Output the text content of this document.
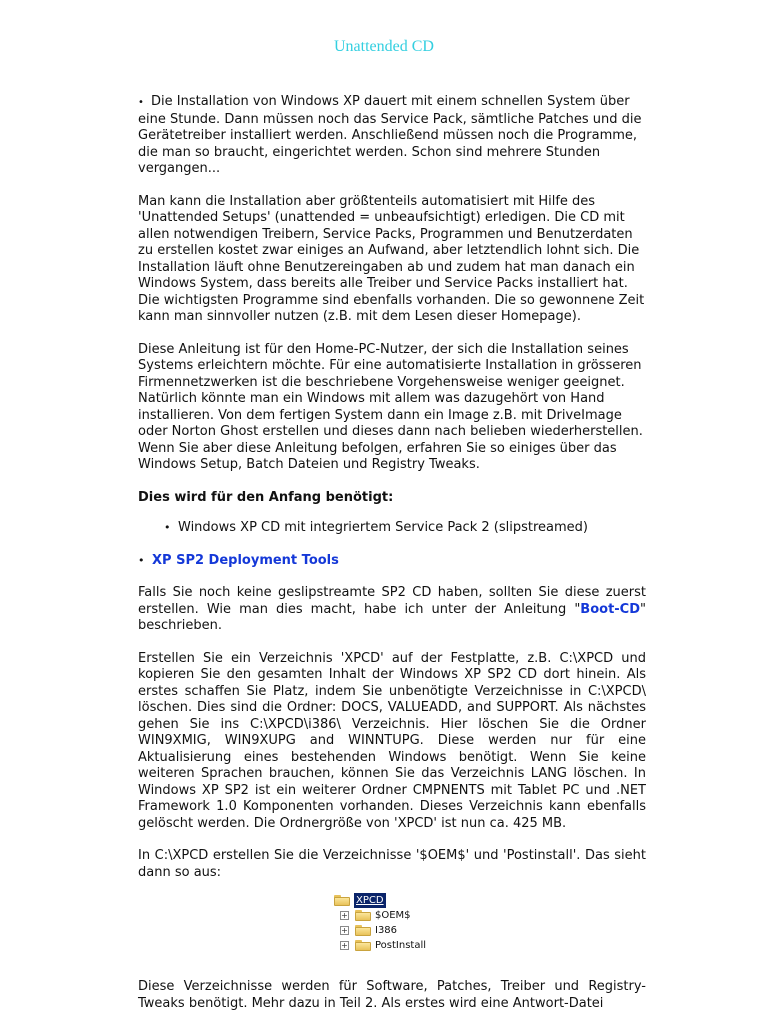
Unattended CD

• Die Installation von Windows XP dauert mit einem schnellen System über eine Stunde. Dann müssen noch das Service Pack, sämtliche Patches und die Gerätetreiber installiert werden. Anschließend müssen noch die Programme, die man so braucht, eingerichtet werden. Schon sind mehrere Stunden vergangen...

Man kann die Installation aber größtenteils automatisiert mit Hilfe des 'Unattended Setups' (unattended = unbeaufsichtigt) erledigen. Die CD mit allen notwendigen Treibern, Service Packs, Programmen und Benutzerdaten zu erstellen kostet zwar einiges an Aufwand, aber letztendlich lohnt sich. Die Installation läuft ohne Benutzereingaben ab und zudem hat man danach ein Windows System, dass bereits alle Treiber und Service Packs installiert hat. Die wichtigsten Programme sind ebenfalls vorhanden. Die so gewonnene Zeit kann man sinnvoller nutzen (z.B. mit dem Lesen dieser Homepage).

Diese Anleitung ist für den Home-PC-Nutzer, der sich die Installation seines Systems erleichtern möchte. Für eine automatisierte Installation in grösseren Firmennetzwerken ist die beschriebene Vorgehensweise weniger geeignet. Natürlich könnte man ein Windows mit allem was dazugehört von Hand installieren. Von dem fertigen System dann ein Image z.B. mit DriveImage oder Norton Ghost erstellen und dieses dann nach belieben wiederherstellen. Wenn Sie aber diese Anleitung befolgen, erfahren Sie so einiges über das Windows Setup, Batch Dateien und Registry Tweaks.

Dies wird für den Anfang benötigt:
• Windows XP CD mit integriertem Service Pack 2 (slipstreamed)
XP SP2 Deployment Tools

Falls Sie noch keine geslipstreamte SP2 CD haben, sollten Sie diese zuerst erstellen. Wie man dies macht, habe ich unter der Anleitung "Boot-CD" beschrieben.

Erstellen Sie ein Verzeichnis 'XPCD' auf der Festplatte, z.B. C:\XPCD und kopieren Sie den gesamten Inhalt der Windows XP SP2 CD dort hinein. Als erstes schaffen Sie Platz, indem Sie unbenötigte Verzeichnisse in C:\XPCD\ löschen. Dies sind die Ordner: DOCS, VALUEADD, and SUPPORT. Als nächstes gehen Sie ins C:\XPCD\i386\ Verzeichnis. Hier löschen Sie die Ordner WIN9XMIG, WIN9XUPG and WINNTUPG. Diese werden nur für eine Aktualisierung eines bestehenden Windows benötigt. Wenn Sie keine weiteren Sprachen brauchen, können Sie das Verzeichnis LANG löschen. In Windows XP SP2 ist ein weiterer Ordner CMPNENTS mit Tablet PC und .NET Framework 1.0 Komponenten vorhanden. Dieses Verzeichnis kann ebenfalls gelöscht werden. Die Ordnergröße von 'XPCD' ist nun ca. 425 MB.

In C:\XPCD erstellen Sie die Verzeichnisse '$OEM$' und 'Postinstall'. Das sieht dann so aus:

XPCD
+	$OEM$
+	I386
+	PostInstall

Diese Verzeichnisse werden für Software, Patches, Treiber und Registry-Tweaks benötigt. Mehr dazu in Teil 2. Als erstes wird eine Antwort-Datei
